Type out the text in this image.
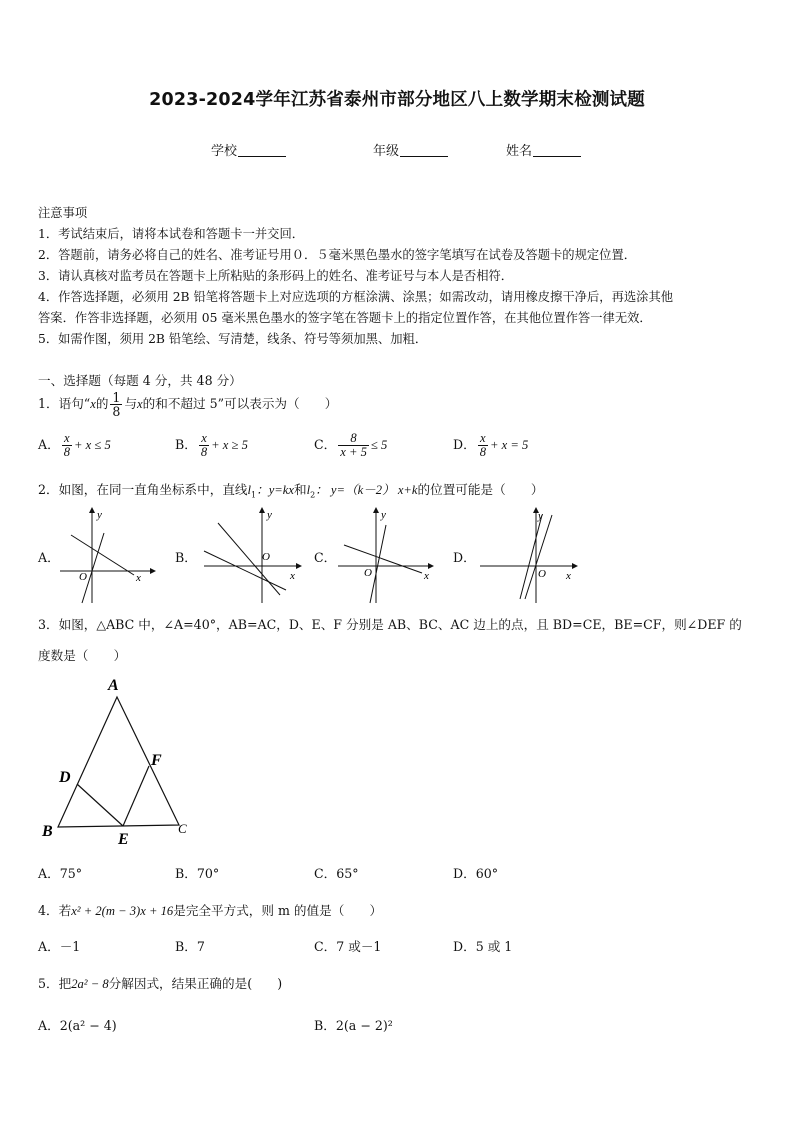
2023-2024学年江苏省泰州市部分地区八上数学期末检测试题
学校	年级	姓名
注意事项
1．考试结束后，请将本试卷和答题卡一并交回．
2．答题前，请务必将自己的姓名、准考证号用０．５毫米黑色墨水的签字笔填写在试卷及答题卡的规定位置．
3．请认真核对监考员在答题卡上所粘贴的条形码上的姓名、准考证号与本人是否相符．
4．作答选择题，必须用 2B 铅笔将答题卡上对应选项的方框涂满、涂黑；如需改动，请用橡皮擦干净后，再选涂其他
答案．作答非选择题，必须用 05 毫米黑色墨水的签字笔在答题卡上的指定位置作答，在其他位置作答一律无效．
5．如需作图，须用 2B 铅笔绘、写清楚，线条、符号等须加黑、加粗．
一、选择题（每题 4 分，共 48 分）
1．语句“x的 $\frac{1}{8}$ 与x的和不超过 5”可以表示为（　　）
A． $\frac{x}{8} + x \le 5$	B． $\frac{x}{8} + x \ge 5$	C． $\frac{8}{x + 5} \le 5$	D． $\frac{x}{8} + x = 5$
2．如图，在同一直角坐标系中，直线$l_1$：y=kx和$l_2$： y=（k－2） x+k的位置可能是（　　）
A．	B．	C．	D．
y
x
O
y
x
O
y
x
O
y
x
O
3．如图，△ABC 中，∠A=40°，AB=AC，D、E、F 分别是 AB、BC、AC 边上的点，且 BD=CE，BE=CF，则∠DEF 的
度数是（　　）
A
B
D
E
F
C
A．75°	B．70°	C．65°	D．60°
4．若x² + 2(m − 3)x + 16是完全平方式，则 m 的值是（　　）
A．－1	B．7	C．7 或－1	D．5 或 1
5．把2a² − 8分解因式，结果正确的是(　　)
A．2(a² − 4)	B．2(a − 2)²
